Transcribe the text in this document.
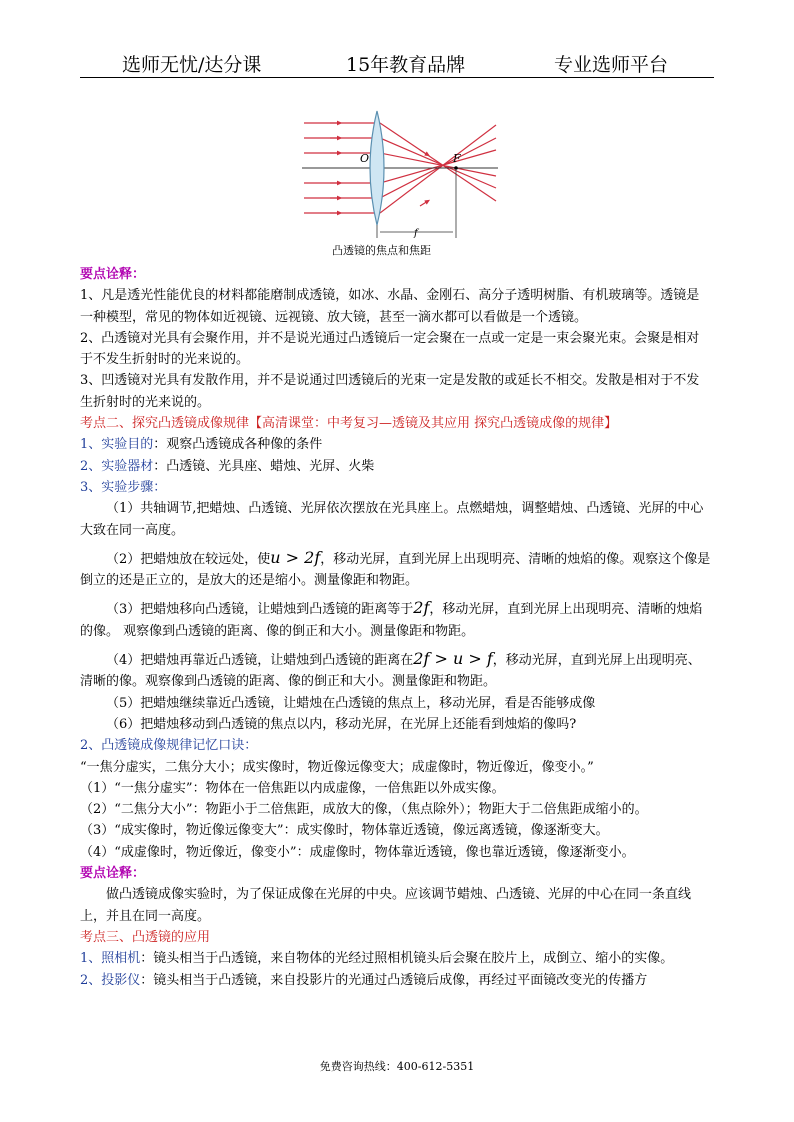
选师无忧/达分课	15年教育品牌	专业选师平台
O	F
f
凸透镜的焦点和焦距

要点诠释：

1、凡是透光性能优良的材料都能磨制成透镜，如冰、水晶、金刚石、高分子透明树脂、有机玻璃等。透镜是一种模型，常见的物体如近视镜、远视镜、放大镜，甚至一滴水都可以看做是一个透镜。

2、凸透镜对光具有会聚作用，并不是说光通过凸透镜后一定会聚在一点或一定是一束会聚光束。会聚是相对于不发生折射时的光来说的。

3、凹透镜对光具有发散作用，并不是说通过凹透镜后的光束一定是发散的或延长不相交。发散是相对于不发生折射时的光来说的。

考点二、探究凸透镜成像规律【高清课堂：中考复习—透镜及其应用 探究凸透镜成像的规律】

1、实验目的：观察凸透镜成各种像的条件

2、实验器材：凸透镜、光具座、蜡烛、光屏、火柴

3、实验步骤：

（1）共轴调节,把蜡烛、凸透镜、光屏依次摆放在光具座上。点燃蜡烛，调整蜡烛、凸透镜、光屏的中心大致在同一高度。

（2）把蜡烛放在较远处，使u > 2f，移动光屏，直到光屏上出现明亮、清晰的烛焰的像。观察这个像是倒立的还是正立的，是放大的还是缩小。测量像距和物距。

（3）把蜡烛移向凸透镜，让蜡烛到凸透镜的距离等于2f，移动光屏，直到光屏上出现明亮、清晰的烛焰的像。 观察像到凸透镜的距离、像的倒正和大小。测量像距和物距。

（4）把蜡烛再靠近凸透镜，让蜡烛到凸透镜的距离在2f > u > f，移动光屏，直到光屏上出现明亮、清晰的像。观察像到凸透镜的距离、像的倒正和大小。测量像距和物距。

（5）把蜡烛继续靠近凸透镜，让蜡烛在凸透镜的焦点上，移动光屏，看是否能够成像

（6）把蜡烛移动到凸透镜的焦点以内，移动光屏，在光屏上还能看到烛焰的像吗?

2、凸透镜成像规律记忆口诀：

“一焦分虚实，二焦分大小；成实像时，物近像远像变大；成虚像时，物近像近，像变小。”

（1）“一焦分虚实”：物体在一倍焦距以内成虚像，一倍焦距以外成实像。

（2）“二焦分大小”：物距小于二倍焦距，成放大的像，（焦点除外）；物距大于二倍焦距成缩小的。

（3）“成实像时，物近像远像变大”：成实像时，物体靠近透镜，像远离透镜，像逐渐变大。

（4）“成虚像时，物近像近，像变小”：成虚像时，物体靠近透镜，像也靠近透镜，像逐渐变小。

要点诠释：

做凸透镜成像实验时，为了保证成像在光屏的中央。应该调节蜡烛、凸透镜、光屏的中心在同一条直线上，并且在同一高度。

考点三、凸透镜的应用

1、照相机：镜头相当于凸透镜，来自物体的光经过照相机镜头后会聚在胶片上，成倒立、缩小的实像。

2、投影仪：镜头相当于凸透镜，来自投影片的光通过凸透镜后成像，再经过平面镜改变光的传播方

免费咨询热线：400-612-5351
